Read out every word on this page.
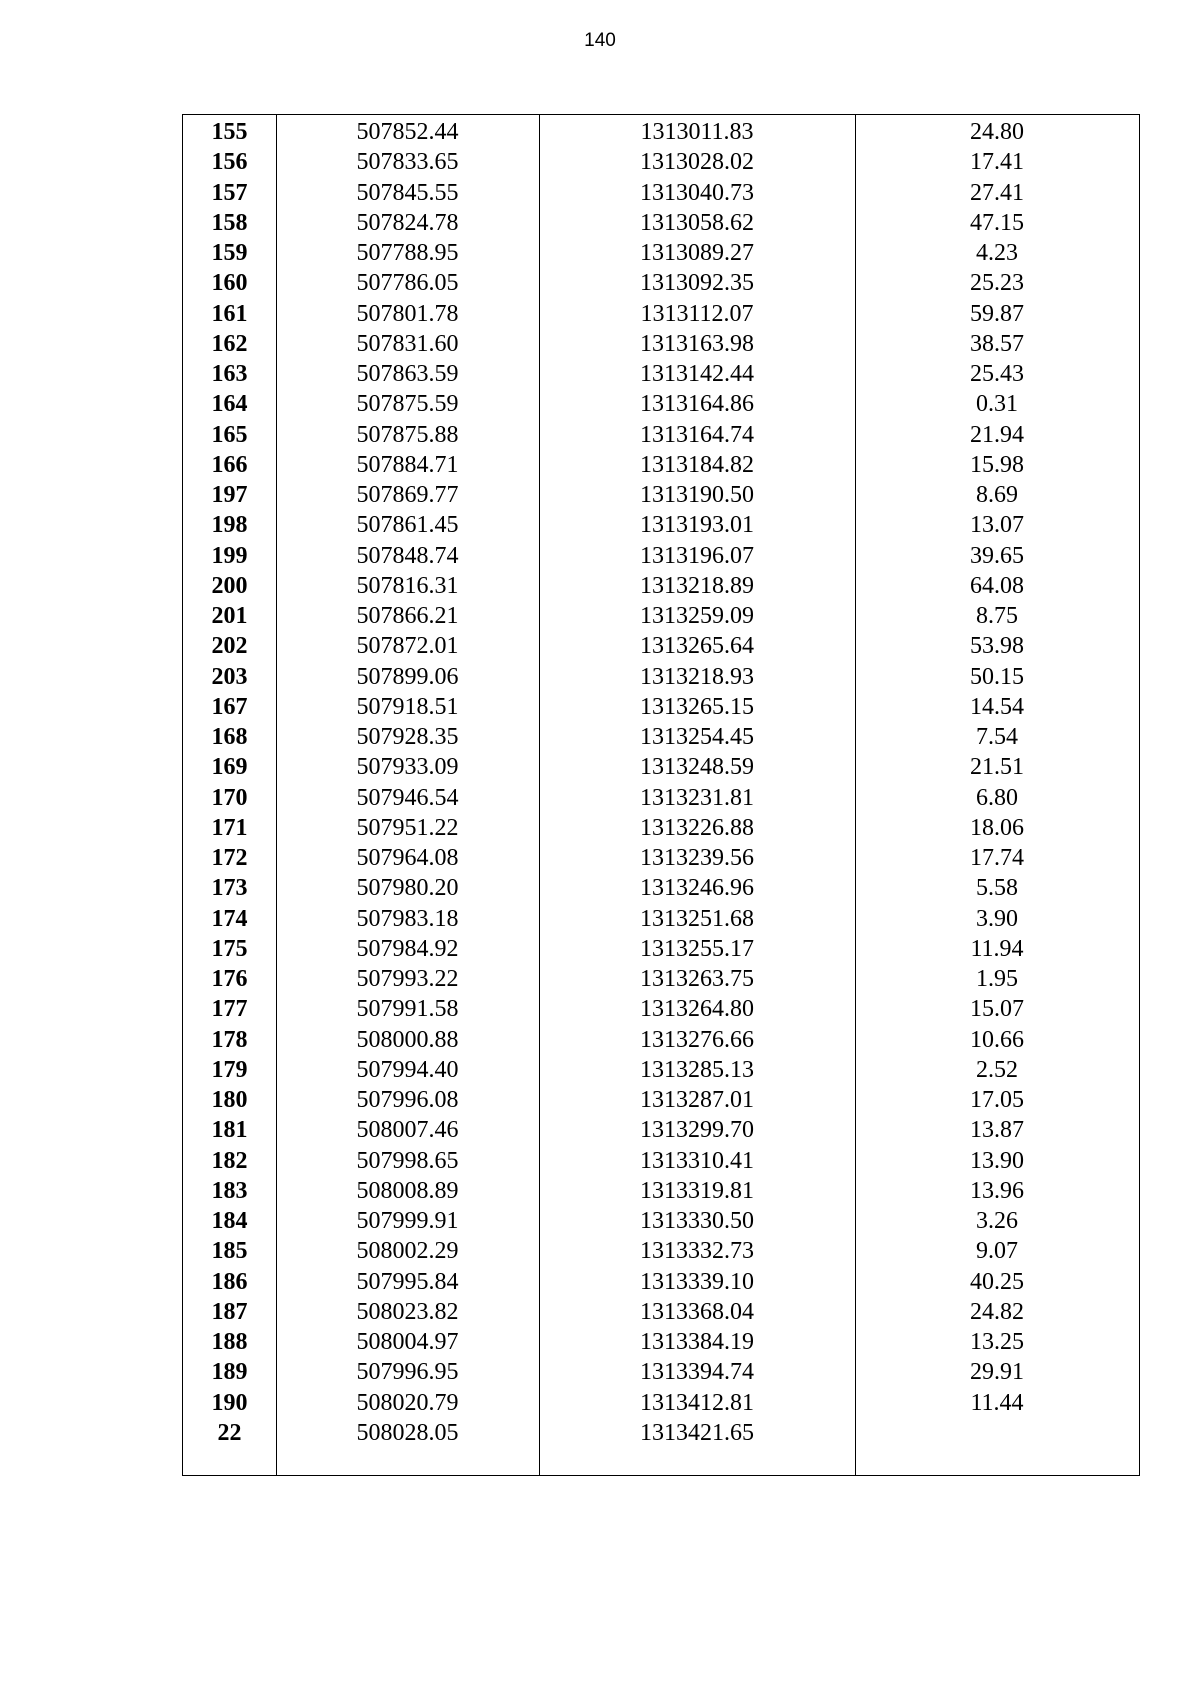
140
155	507852.44	1313011.83	24.80
156	507833.65	1313028.02	17.41
157	507845.55	1313040.73	27.41
158	507824.78	1313058.62	47.15
159	507788.95	1313089.27	4.23
160	507786.05	1313092.35	25.23
161	507801.78	1313112.07	59.87
162	507831.60	1313163.98	38.57
163	507863.59	1313142.44	25.43
164	507875.59	1313164.86	0.31
165	507875.88	1313164.74	21.94
166	507884.71	1313184.82	15.98
197	507869.77	1313190.50	8.69
198	507861.45	1313193.01	13.07
199	507848.74	1313196.07	39.65
200	507816.31	1313218.89	64.08
201	507866.21	1313259.09	8.75
202	507872.01	1313265.64	53.98
203	507899.06	1313218.93	50.15
167	507918.51	1313265.15	14.54
168	507928.35	1313254.45	7.54
169	507933.09	1313248.59	21.51
170	507946.54	1313231.81	6.80
171	507951.22	1313226.88	18.06
172	507964.08	1313239.56	17.74
173	507980.20	1313246.96	5.58
174	507983.18	1313251.68	3.90
175	507984.92	1313255.17	11.94
176	507993.22	1313263.75	1.95
177	507991.58	1313264.80	15.07
178	508000.88	1313276.66	10.66
179	507994.40	1313285.13	2.52
180	507996.08	1313287.01	17.05
181	508007.46	1313299.70	13.87
182	507998.65	1313310.41	13.90
183	508008.89	1313319.81	13.96
184	507999.91	1313330.50	3.26
185	508002.29	1313332.73	9.07
186	507995.84	1313339.10	40.25
187	508023.82	1313368.04	24.82
188	508004.97	1313384.19	13.25
189	507996.95	1313394.74	29.91
190	508020.79	1313412.81	11.44
22	508028.05	1313421.65	
